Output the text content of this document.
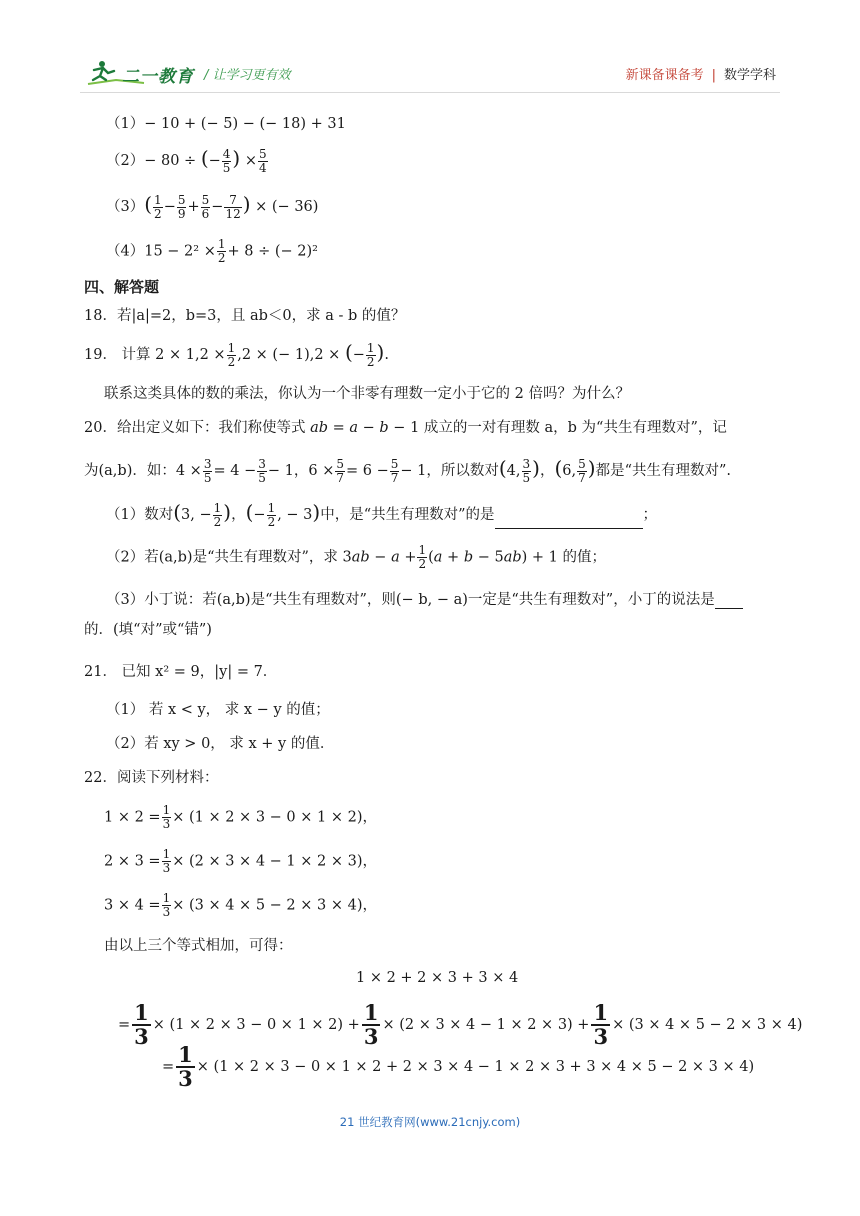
二一教育 / 让学习更有效	新课备课备考 | 数学学科
（1）− 10 + (− 5) − (− 18) + 31
（2）− 80 ÷ (− $\frac{4}{5}$ ) × $\frac{5}{4}$
$(3)( \frac{1}{2} - \frac{5}{9} + \frac{5}{6} - \frac{7}{12}$ ) × (− 36)
$(4)15 - 2^2 \times \frac{1}{2} + 8$ ÷ (− 2)²
四、解答题
18．若|a|=2，b=3，且 ab＜0，求 a - b 的值？
19． 计算 $2 \times 1,2 \times \frac{1}{2} ,2$ × (− 1),2 × (− $\frac{1}{2}$ ).
联系这类具体的数的乘法，你认为一个非零有理数一定小于它的 2 倍吗？为什么？
20．给出定义如下：我们称使等式 ab = a − b − 1 成立的一对有理数 a，b 为“共生有理数对”，记
为(a,b)．如：$4 \times \frac{3}{5} = 4 - \frac{3}{5} - 1$，$6 \times \frac{5}{7} = 6 - \frac{5}{7} - 1$，所以数对(4, $\frac{3}{5}$ )，(6, $\frac{5}{7}$ )都是“共生有理数对”.
（1）数对(3, − $\frac{1}{2}$ )，(− $\frac{1}{2}$ , − 3)中，是“共生有理数对”的是	；
（2）若(a,b)是“共生有理数对”，求 $3ab - a + \frac{1}{2} (a + b - 5ab) + 1$ 的值；
（3）小丁说：若(a,b)是“共生有理数对”，则(− b, − a)一定是“共生有理数对”，小丁的说法是
的．(填“对”或“错”)
21． 已知 x² = 9，|y| = 7．
（1） 若 x < y， 求 x − y 的值；
（2）若 xy > 0， 求 x + y 的值．
22．阅读下列材料：
$1 \times 2 = \frac{1}{3} \times (1 \times 2 \times 3 - 0 \times 1 \times 2)$，
$2 \times 3 = \frac{1}{3} \times (2 \times 3 \times 4 - 1 \times 2 \times 3)$，
$3 \times 4 = \frac{1}{3} \times (3 \times 4 \times 5 - 2 \times 3 \times 4)$，
由以上三个等式相加，可得：
1 × 2 + 2 × 3 + 3 × 4
= $\frac{1}{3} \times (1 \times 2 \times 3 - 0 \times 1 \times 2) + \frac{1}{3} \times (2 \times 3 \times 4 - 1 \times 2 \times 3) + \frac{1}{3} \times (3 \times 4 \times 5 - 2 \times 3 \times 4)$
= $\frac{1}{3} \times (1 \times 2 \times 3 - 0 \times 1 \times 2 + 2 \times 3 \times 4 - 1 \times 2 \times 3 + 3 \times 4 \times 5 - 2 \times 3 \times 4)$
21 世纪教育网(www.21cnjy.com)
